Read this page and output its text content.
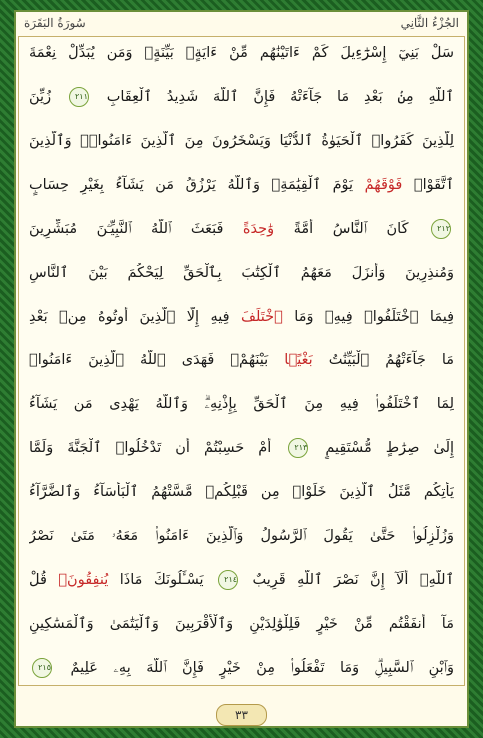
الجُزْءُ الثَّانِي
سُورَةُ البَقَرَة
سَلْ بَنِيٓ إِسْرَٰٓءِيلَ كَمْ ءَاتَيْنَٰهُم مِّنْ ءَايَةٍۭ بَيِّنَةٍۗ وَمَن يُبَدِّلْ نِعْمَةَ
ٱللَّهِ مِنۢ بَعْدِ مَا جَآءَتْهُ فَإِنَّ ٱللَّهَ شَدِيدُ ٱلْعِقَابِ ٢١١ زُيِّنَ
لِلَّذِينَ كَفَرُوا۟ ٱلْحَيَوٰةُ ٱلدُّنْيَا وَيَسْخَرُونَ مِنَ ٱلَّذِينَ ءَامَنُوا۟ۘ وَٱلَّذِينَ
ٱتَّقَوْا۟ فَوْقَهُمْ يَوْمَ ٱلْقِيَٰمَةِۗ وَٱللَّهُ يَرْزُقُ مَن يَشَآءُ بِغَيْرِ حِسَابٍ
٢١٢ كَانَ ٱلنَّاسُ أُمَّةً وَٰحِدَةً فَبَعَثَ ٱللَّهُ ٱلنَّبِيِّـۧنَ مُبَشِّرِينَ
وَمُنذِرِينَ وَأَنزَلَ مَعَهُمُ ٱلْكِتَٰبَ بِٱلْحَقِّ لِيَحْكُمَ بَيْنَ ٱلنَّاسِ
فِيمَا ٱخْتَلَفُوا۟ فِيهِۚ وَمَا ٱخْتَلَفَ فِيهِ إِلَّا ٱلَّذِينَ أُوتُوهُ مِنۢ بَعْدِ
مَا جَآءَتْهُمُ ٱلْبَيِّنَٰتُ بَغْيًۢا بَيْنَهُمْۖ فَهَدَى ٱللَّهُ ٱلَّذِينَ ءَامَنُوا۟
لِمَا ٱخْتَلَفُوا۟ فِيهِ مِنَ ٱلْحَقِّ بِإِذْنِهِۦۗ وَٱللَّهُ يَهْدِى مَن يَشَآءُ
إِلَىٰ صِرَٰطٍ مُّسْتَقِيمٍ ٢١٣ أَمْ حَسِبْتُمْ أَن تَدْخُلُوا۟ ٱلْجَنَّةَ وَلَمَّا
يَأْتِكُم مَّثَلُ ٱلَّذِينَ خَلَوْا۟ مِن قَبْلِكُمۖ مَّسَّتْهُمُ ٱلْبَأْسَآءُ وَٱلضَّرَّآءُ
وَزُلْزِلُوا۟ حَتَّىٰ يَقُولَ ٱلرَّسُولُ وَٱلَّذِينَ ءَامَنُوا۟ مَعَهُۥ مَتَىٰ نَصْرُ
ٱللَّهِۗ أَلَآ إِنَّ نَصْرَ ٱللَّهِ قَرِيبٌ ٢١٤ يَسْـَٔلُونَكَ مَاذَا يُنفِقُونَۖ قُلْ
مَآ أَنفَقْتُم مِّنْ خَيْرٍ فَلِلْوَٰلِدَيْنِ وَٱلْأَقْرَبِينَ وَٱلْيَتَٰمَىٰ وَٱلْمَسَٰكِينِ
وَٱبْنِ ٱلسَّبِيلِۗ وَمَا تَفْعَلُوا۟ مِنْ خَيْرٍ فَإِنَّ ٱللَّهَ بِهِۦ عَلِيمٌ ٢١٥
٣٣
